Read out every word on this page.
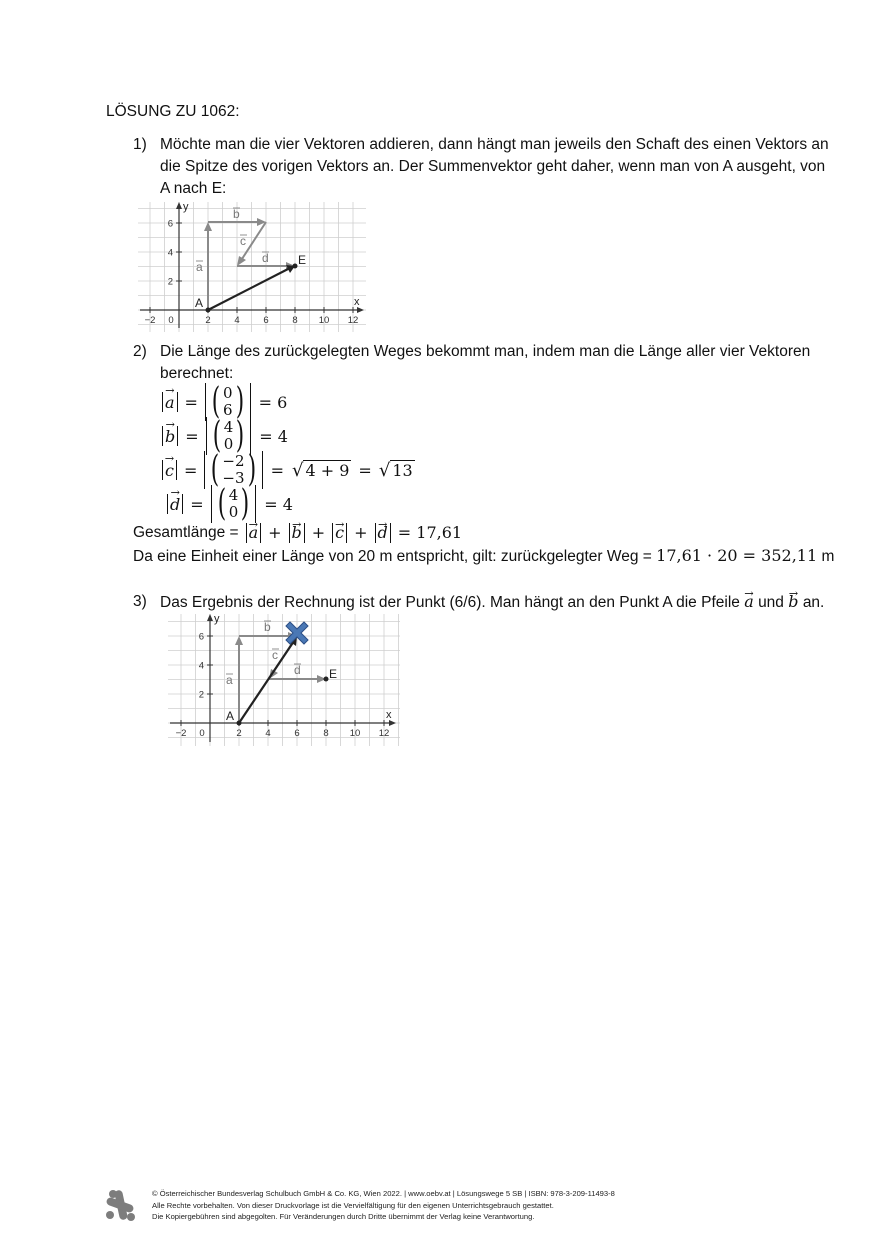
LÖSUNG ZU 1062:
1) Möchte man die vier Vektoren addieren, dann hängt man jeweils den Schaft des einen Vektors an
die Spitze des vorigen Vektors an. Der Summenvektor geht daher, wenn man von A ausgeht, von
A nach E:
−2 0	2 4 6 8 10 12
2
4
6
x
y
a
b
c
d
A
E
2) Die Länge des zurückgelegten Weges bekommt man, indem man die Länge aller vier Vektoren
berechnet:
→ a = ( 0
6 ) = 6
→ b = ( 4
0 ) = 4
→ c = ( −2
−3 ) = √ 4 + 9 = √ 13
→ d = ( 4
0 ) = 4
Gesamtlänge = → a + → b + → c + → d = 17,61
Da eine Einheit einer Länge von 20 m entspricht, gilt: zurückgelegter Weg = 17,61 · 20 = 352,11 m
3) Das Ergebnis der Rechnung ist der Punkt (6/6). Man hängt an den Punkt A die Pfeile → a und → b an.
−2 0	2 4 6 8 10 12
2
4
6
x
y
a
b
c
d
A
E
© Österreichischer Bundesverlag Schulbuch GmbH & Co. KG, Wien 2022. | www.oebv.at | Lösungswege 5 SB | ISBN: 978-3-209-11493-8
Alle Rechte vorbehalten. Von dieser Druckvorlage ist die Vervielfältigung für den eigenen Unterrichtsgebrauch gestattet.
Die Kopiergebühren sind abgegolten. Für Veränderungen durch Dritte übernimmt der Verlag keine Verantwortung.
